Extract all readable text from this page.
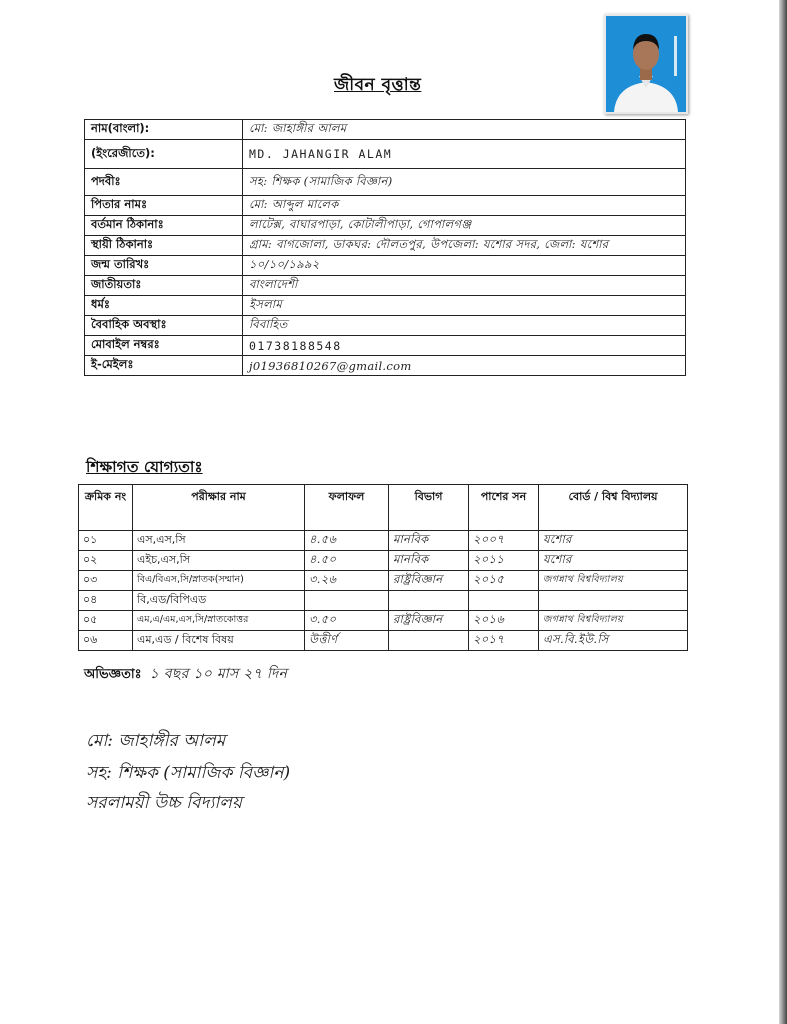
জীবন বৃত্তান্ত
নাম(বাংলা):	মো: জাহাঙ্গীর আলম
(ইংরেজীতে):	MD. JAHANGIR ALAM
পদবীঃ	সহ: শিক্ষক (সামাজিক বিজ্ঞান)
পিতার নামঃ	মো: আব্দুল মালেক
বর্তমান ঠিকানাঃ	লাটেক্স, বাঘারপাড়া, কোটালীপাড়া, গোপালগঞ্জ
স্থায়ী ঠিকানাঃ	গ্রাম: বাগজোলা, ডাকঘর: দৌলতপুর, উপজেলা: যশোর সদর, জেলা: যশোর
জন্ম তারিখঃ	১০/১০/১৯৯২
জাতীয়তাঃ	বাংলাদেশী
ধর্মঃ	ইসলাম
বৈবাহিক অবস্থাঃ	বিবাহিত
মোবাইল নম্বরঃ	01738188548
ই-মেইলঃ	j01936810267@gmail.com
শিক্ষাগত যোগ্যতাঃ
ক্রমিক নং	পরীক্ষার নাম	ফলাফল	বিভাগ	পাশের সন	বোর্ড / বিশ্ব বিদ্যালয়
০১	এস,এস,সি	৪.৫৬	মানবিক	২০০৭	যশোর
০২	এইচ,এস,সি	৪.৫০	মানবিক	২০১১	যশোর
০৩	বিএ/বিএস,সি/স্নাতক(সম্মান)	৩.২৬	রাষ্ট্রবিজ্ঞান	২০১৫	জগন্নাথ বিশ্ববিদ্যালয়
০৪	বি,এড/বিপিএড				
০৫	এম,এ/এম,এস,সি/স্নাতকোত্তর	৩.৫০	রাষ্ট্রবিজ্ঞান	২০১৬	জগন্নাথ বিশ্ববিদ্যালয়
০৬	এম,এড / বিশেষ বিষয়	উত্তীর্ণ		২০১৭	এস.বি.ইউ.সি
অভিজ্ঞতাঃ ১ বছর ১০ মাস ২৭ দিন
মো: জাহাঙ্গীর আলম
সহ: শিক্ষক (সামাজিক বিজ্ঞান)
সরলাময়ী উচ্চ বিদ্যালয়
